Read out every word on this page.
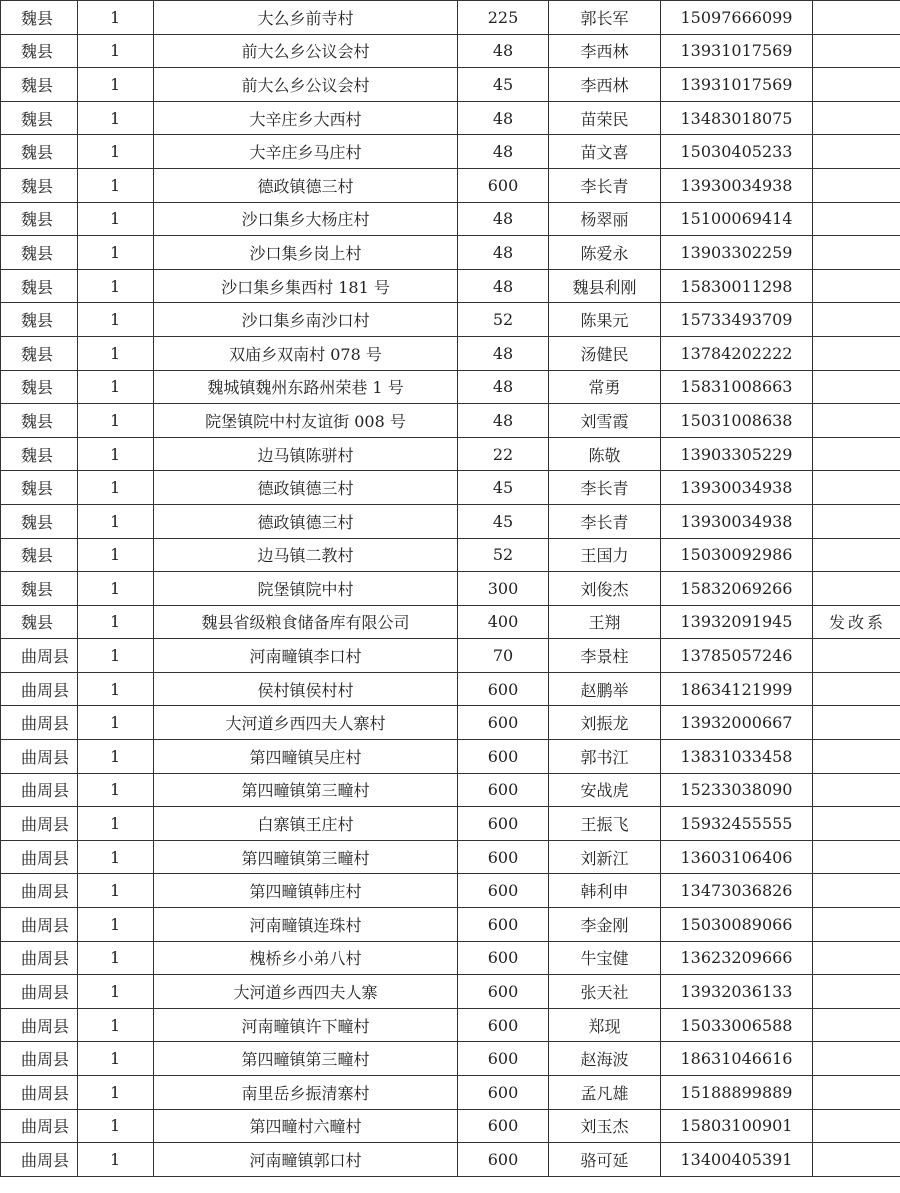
魏县	1	大么乡前寺村	225	郭长军	15097666099	
魏县	1	前大么乡公议会村	48	李西林	13931017569	
魏县	1	前大么乡公议会村	45	李西林	13931017569	
魏县	1	大辛庄乡大西村	48	苗荣民	13483018075	
魏县	1	大辛庄乡马庄村	48	苗文喜	15030405233	
魏县	1	德政镇德三村	600	李长青	13930034938	
魏县	1	沙口集乡大杨庄村	48	杨翠丽	15100069414	
魏县	1	沙口集乡岗上村	48	陈爱永	13903302259	
魏县	1	沙口集乡集西村 181 号	48	魏县利刚	15830011298	
魏县	1	沙口集乡南沙口村	52	陈果元	15733493709	
魏县	1	双庙乡双南村 078 号	48	汤健民	13784202222	
魏县	1	魏城镇魏州东路州荣巷 1 号	48	常勇	15831008663	
魏县	1	院堡镇院中村友谊街 008 号	48	刘雪霞	15031008638	
魏县	1	边马镇陈骈村	22	陈敬	13903305229	
魏县	1	德政镇德三村	45	李长青	13930034938	
魏县	1	德政镇德三村	45	李长青	13930034938	
魏县	1	边马镇二教村	52	王国力	15030092986	
魏县	1	院堡镇院中村	300	刘俊杰	15832069266	
魏县	1	魏县省级粮食储备库有限公司	400	王翔	13932091945	发改系
曲周县	1	河南疃镇李口村	70	李景柱	13785057246	
曲周县	1	侯村镇侯村村	600	赵鹏举	18634121999	
曲周县	1	大河道乡西四夫人寨村	600	刘振龙	13932000667	
曲周县	1	第四疃镇吴庄村	600	郭书江	13831033458	
曲周县	1	第四疃镇第三疃村	600	安战虎	15233038090	
曲周县	1	白寨镇王庄村	600	王振飞	15932455555	
曲周县	1	第四疃镇第三疃村	600	刘新江	13603106406	
曲周县	1	第四疃镇韩庄村	600	韩利申	13473036826	
曲周县	1	河南疃镇连珠村	600	李金刚	15030089066	
曲周县	1	槐桥乡小弟八村	600	牛宝健	13623209666	
曲周县	1	大河道乡西四夫人寨	600	张天社	13932036133	
曲周县	1	河南疃镇许下疃村	600	郑现	15033006588	
曲周县	1	第四疃镇第三疃村	600	赵海波	18631046616	
曲周县	1	南里岳乡振清寨村	600	孟凡雄	15188899889	
曲周县	1	第四疃村六疃村	600	刘玉杰	15803100901	
曲周县	1	河南疃镇郭口村	600	骆可延	13400405391	
